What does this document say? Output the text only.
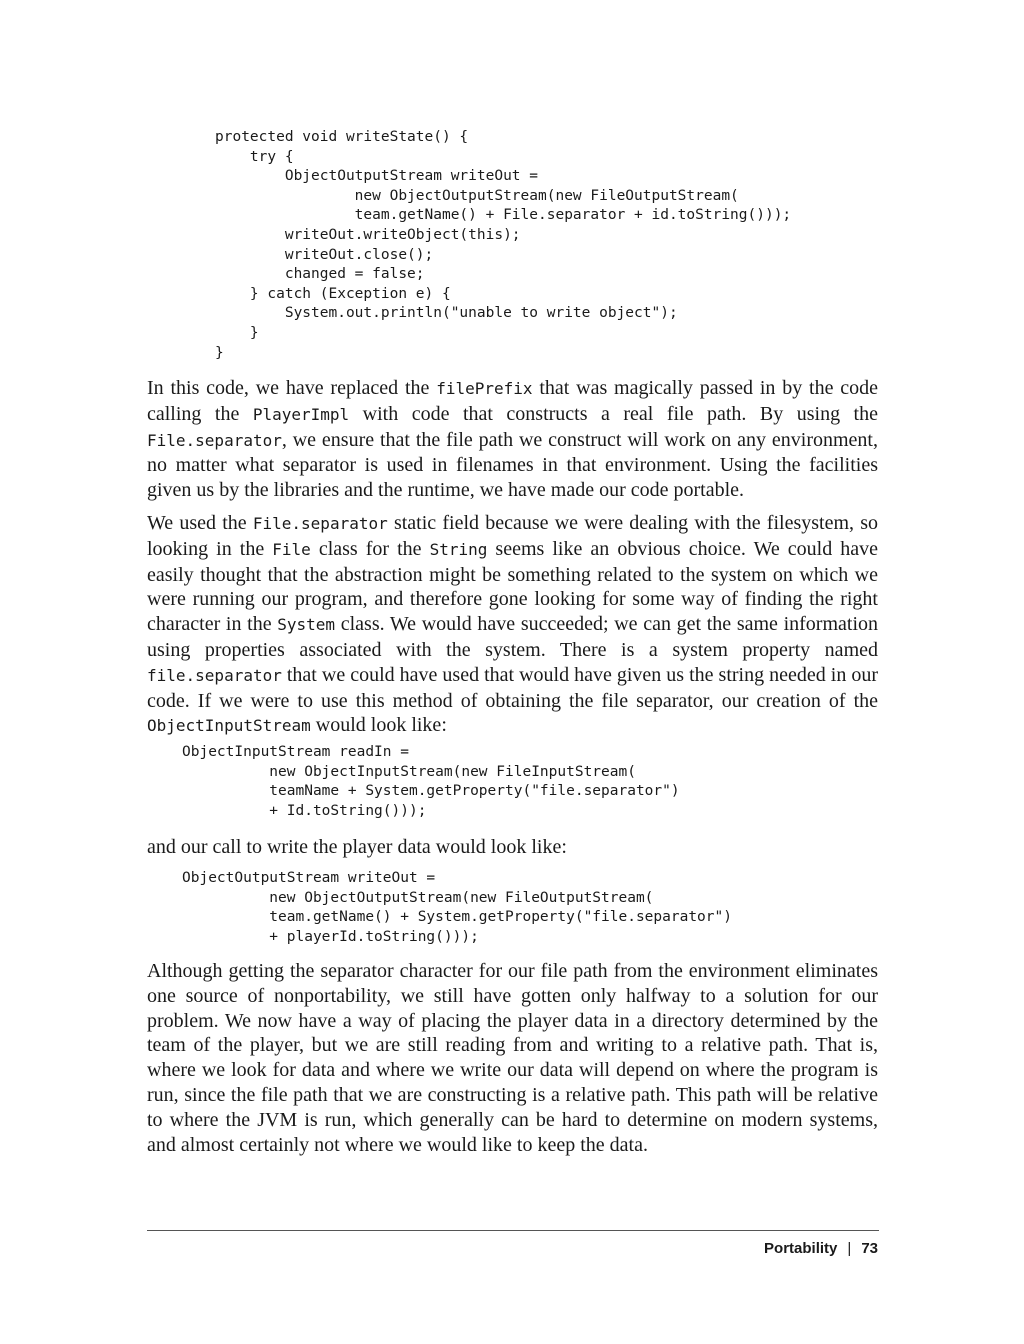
protected void writeState() {
try {
ObjectOutputStream writeOut =
new ObjectOutputStream(new FileOutputStream(
team.getName() + File.separator + id.toString()));
writeOut.writeObject(this);
writeOut.close();
changed = false;
} catch (Exception e) {
System.out.println("unable to write object");
}
}

In this code, we have replaced the filePrefix that was magically passed in by the code calling the PlayerImpl with code that constructs a real file path. By using the File.separator, we ensure that the file path we construct will work on any environment, no matter what separator is used in filenames in that environment. Using the facilities given us by the libraries and the runtime, we have made our code portable.

We used the File.separator static field because we were dealing with the filesystem, so looking in the File class for the String seems like an obvious choice. We could have easily thought that the abstraction might be something related to the system on which we were running our program, and therefore gone looking for some way of finding the right character in the System class. We would have succeeded; we can get the same information using properties associated with the system. There is a system property named file.separator that we could have used that would have given us the string needed in our code. If we were to use this method of obtaining the file separator, our creation of the ObjectInputStream would look like:

ObjectInputStream readIn =
new ObjectInputStream(new FileInputStream(
teamName + System.getProperty("file.separator")
+ Id.toString()));

and our call to write the player data would look like:

ObjectOutputStream writeOut =
new ObjectOutputStream(new FileOutputStream(
team.getName() + System.getProperty("file.separator")
+ playerId.toString()));

Although getting the separator character for our file path from the environment eliminates one source of nonportability, we still have gotten only halfway to a solution for our problem. We now have a way of placing the player data in a directory determined by the team of the player, but we are still reading from and writing to a relative path. That is, where we look for data and where we write our data will depend on where the program is run, since the file path that we are constructing is a relative path. This path will be relative to where the JVM is run, which generally can be hard to determine on modern systems, and almost certainly not where we would like to keep the data.

Portability | 73
